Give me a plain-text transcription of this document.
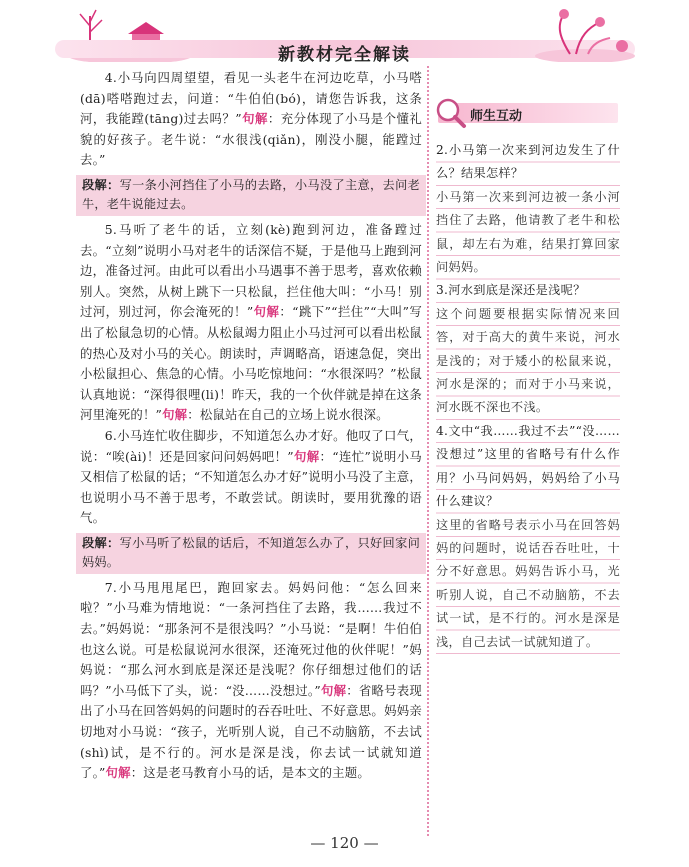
新教材完全解读

4.小马向四周望望，看见一头老牛在河边吃草，小马嗒(dā)嗒嗒跑过去，问道：“牛伯伯(bó)，请您告诉我，这条河，我能蹚(tāng)过去吗？”句解：充分体现了小马是个懂礼貌的好孩子。老牛说：“水很浅(qiǎn)，刚没小腿，能蹚过去。”

段解：写一条小河挡住了小马的去路，小马没了主意，去问老牛，老牛说能过去。

5.马听了老牛的话，立刻(kè)跑到河边，准备蹚过去。“立刻”说明小马对老牛的话深信不疑，于是他马上跑到河边，准备过河。由此可以看出小马遇事不善于思考，喜欢依赖别人。突然，从树上跳下一只松鼠，拦住他大叫：“小马！别过河，别过河，你会淹死的！”句解：“跳下”“拦住”“大叫”写出了松鼠急切的心情。从松鼠竭力阻止小马过河可以看出松鼠的热心及对小马的关心。朗读时，声调略高，语速急促，突出小松鼠担心、焦急的心情。小马吃惊地问：“水很深吗？”松鼠认真地说：“深得很哩(li)！昨天，我的一个伙伴就是掉在这条河里淹死的！”句解：松鼠站在自己的立场上说水很深。

6.小马连忙收住脚步，不知道怎么办才好。他叹了口气，说：“唉(ài)！还是回家问问妈妈吧！”句解：“连忙”说明小马又相信了松鼠的话；“不知道怎么办才好”说明小马没了主意，也说明小马不善于思考，不敢尝试。朗读时，要用犹豫的语气。

段解：写小马听了松鼠的话后，不知道怎么办了，只好回家问妈妈。

7.小马甩甩尾巴，跑回家去。妈妈问他：“怎么回来啦？”小马难为情地说：“一条河挡住了去路，我……我过不去。”妈妈说：“那条河不是很浅吗？”小马说：“是啊！牛伯伯也这么说。可是松鼠说河水很深，还淹死过他的伙伴呢！”妈妈说：“那么河水到底是深还是浅呢？你仔细想过他们的话吗？”小马低下了头，说：“没……没想过。”句解：省略号表现出了小马在回答妈妈的问题时的吞吞吐吐、不好意思。妈妈亲切地对小马说：“孩子，光听别人说，自己不动脑筋，不去试(shì)试，是不行的。河水是深是浅，你去试一试就知道了。”句解：这是老马教育小马的话，是本文的主题。

师生互动

2.小马第一次来到河边发生了什么？结果怎样？

小马第一次来到河边被一条小河挡住了去路，他请教了老牛和松鼠，却左右为难，结果打算回家问妈妈。

3.河水到底是深还是浅呢？

这个问题要根据实际情况来回答，对于高大的黄牛来说，河水是浅的；对于矮小的松鼠来说，河水是深的；而对于小马来说，河水既不深也不浅。

4.文中“我……我过不去”“没……没想过”这里的省略号有什么作用？小马问妈妈，妈妈给了小马什么建议？

这里的省略号表示小马在回答妈妈的问题时，说话吞吞吐吐，十分不好意思。妈妈告诉小马，光听别人说，自己不动脑筋，不去试一试，是不行的。河水是深是浅，自己去试一试就知道了。

— 120 —
